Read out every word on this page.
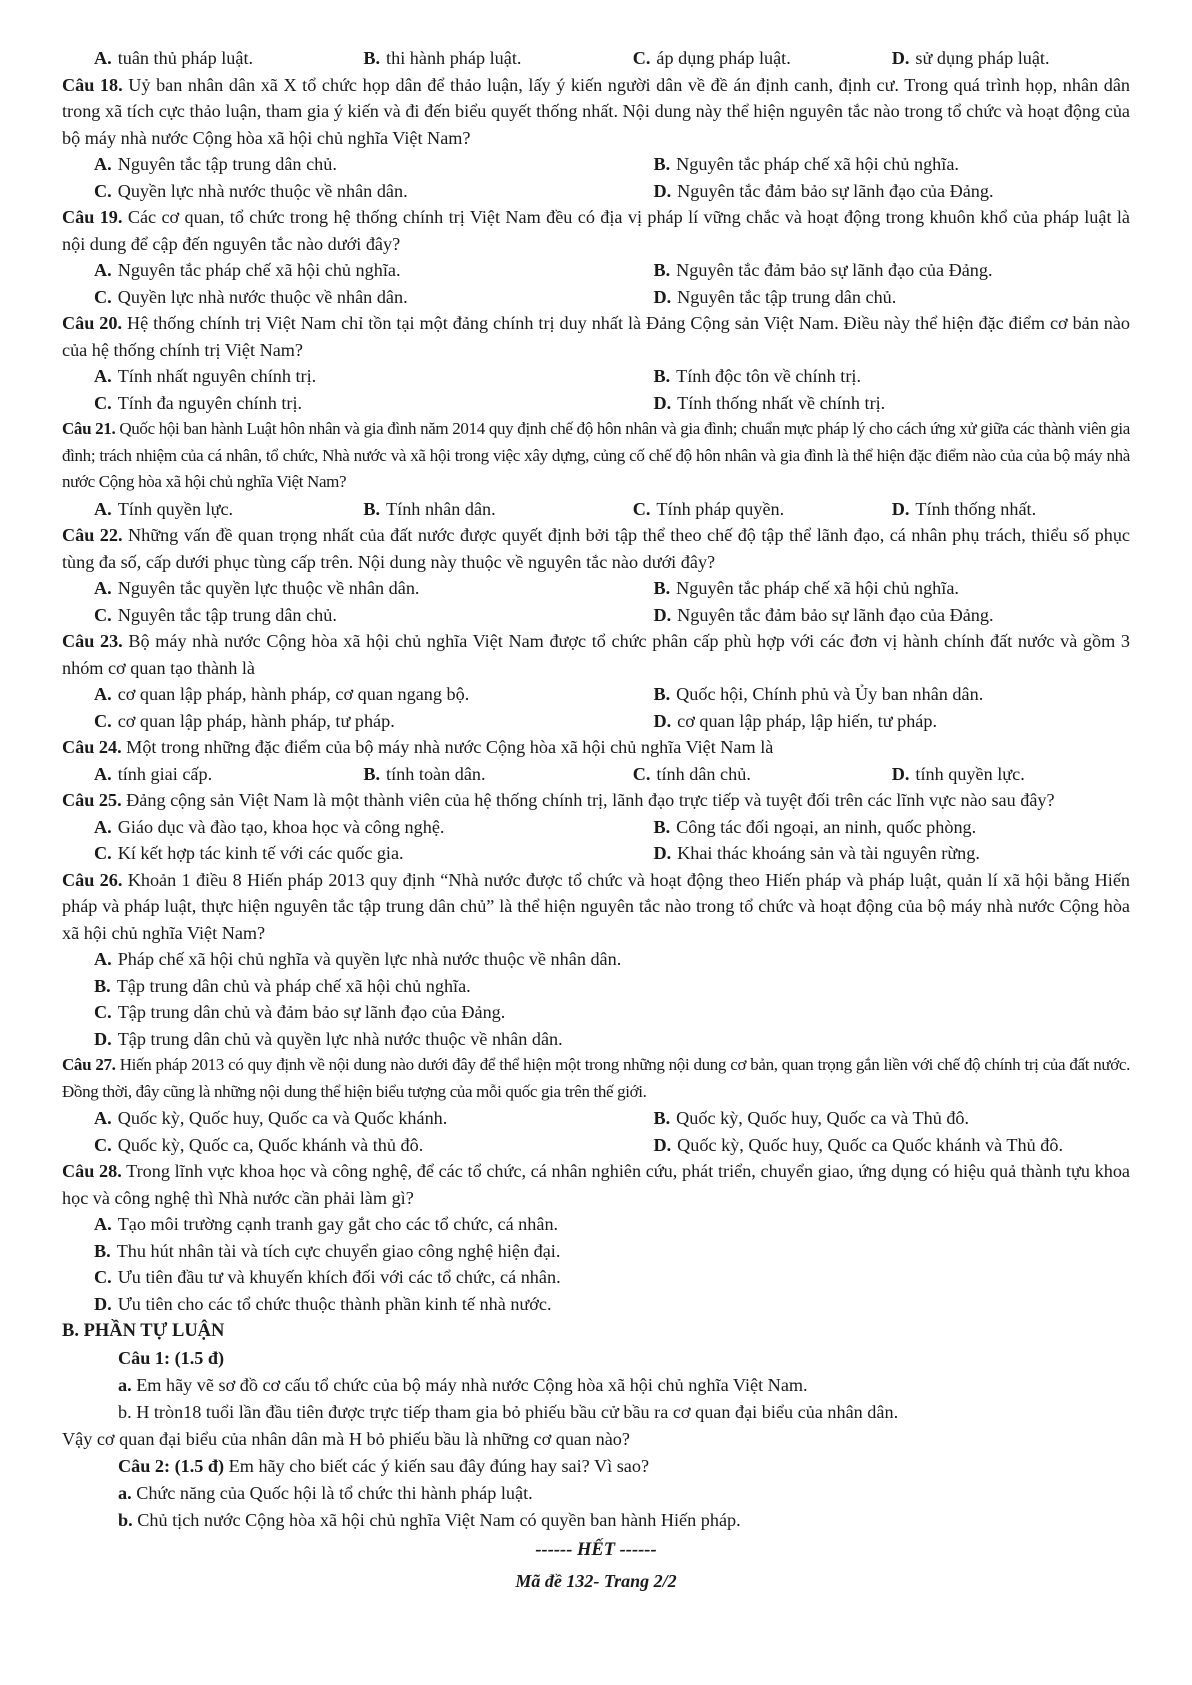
A. tuân thủ pháp luật.	B. thi hành pháp luật.	C. áp dụng pháp luật.	D. sử dụng pháp luật.

Câu 18. Uỷ ban nhân dân xã X tổ chức họp dân để thảo luận, lấy ý kiến người dân về đề án định canh, định cư. Trong quá trình họp, nhân dân trong xã tích cực thảo luận, tham gia ý kiến và đi đến biểu quyết thống nhất. Nội dung này thể hiện nguyên tắc nào trong tổ chức và hoạt động của bộ máy nhà nước Cộng hòa xã hội chủ nghĩa Việt Nam?

A. Nguyên tắc tập trung dân chủ.	B. Nguyên tắc pháp chế xã hội chủ nghĩa.
C. Quyền lực nhà nước thuộc về nhân dân.	D. Nguyên tắc đảm bảo sự lãnh đạo của Đảng.

Câu 19. Các cơ quan, tổ chức trong hệ thống chính trị Việt Nam đều có địa vị pháp lí vững chắc và hoạt động trong khuôn khổ của pháp luật là nội dung để cập đến nguyên tắc nào dưới đây?

A. Nguyên tắc pháp chế xã hội chủ nghĩa.	B. Nguyên tắc đảm bảo sự lãnh đạo của Đảng.
C. Quyền lực nhà nước thuộc về nhân dân.	D. Nguyên tắc tập trung dân chủ.

Câu 20. Hệ thống chính trị Việt Nam chỉ tồn tại một đảng chính trị duy nhất là Đảng Cộng sản Việt Nam. Điều này thể hiện đặc điểm cơ bản nào của hệ thống chính trị Việt Nam?

A. Tính nhất nguyên chính trị.	B. Tính độc tôn về chính trị.
C. Tính đa nguyên chính trị.	D. Tính thống nhất về chính trị.

Câu 21. Quốc hội ban hành Luật hôn nhân và gia đình năm 2014 quy định chế độ hôn nhân và gia đình; chuẩn mực pháp lý cho cách ứng xử giữa các thành viên gia đình; trách nhiệm của cá nhân, tổ chức, Nhà nước và xã hội trong việc xây dựng, củng cố chế độ hôn nhân và gia đình là thể hiện đặc điểm nào của của bộ máy nhà nước Cộng hòa xã hội chủ nghĩa Việt Nam?

A. Tính quyền lực.	B. Tính nhân dân.	C. Tính pháp quyền.	D. Tính thống nhất.

Câu 22. Những vấn đề quan trọng nhất của đất nước được quyết định bởi tập thể theo chế độ tập thể lãnh đạo, cá nhân phụ trách, thiểu số phục tùng đa số, cấp dưới phục tùng cấp trên. Nội dung này thuộc về nguyên tắc nào dưới đây?

A. Nguyên tắc quyền lực thuộc về nhân dân.	B. Nguyên tắc pháp chế xã hội chủ nghĩa.
C. Nguyên tắc tập trung dân chủ.	D. Nguyên tắc đảm bảo sự lãnh đạo của Đảng.

Câu 23. Bộ máy nhà nước Cộng hòa xã hội chủ nghĩa Việt Nam được tổ chức phân cấp phù hợp với các đơn vị hành chính đất nước và gồm 3 nhóm cơ quan tạo thành là

A. cơ quan lập pháp, hành pháp, cơ quan ngang bộ.	B. Quốc hội, Chính phủ và Ủy ban nhân dân.
C. cơ quan lập pháp, hành pháp, tư pháp.	D. cơ quan lập pháp, lập hiến, tư pháp.

Câu 24. Một trong những đặc điểm của bộ máy nhà nước Cộng hòa xã hội chủ nghĩa Việt Nam là

A. tính giai cấp.	B. tính toàn dân.	C. tính dân chủ.	D. tính quyền lực.

Câu 25. Đảng cộng sản Việt Nam là một thành viên của hệ thống chính trị, lãnh đạo trực tiếp và tuyệt đối trên các lĩnh vực nào sau đây?

A. Giáo dục và đào tạo, khoa học và công nghệ.	B. Công tác đối ngoại, an ninh, quốc phòng.
C. Kí kết hợp tác kinh tế với các quốc gia.	D. Khai thác khoáng sản và tài nguyên rừng.

Câu 26. Khoản 1 điều 8 Hiến pháp 2013 quy định “Nhà nước được tổ chức và hoạt động theo Hiến pháp và pháp luật, quản lí xã hội bằng Hiến pháp và pháp luật, thực hiện nguyên tắc tập trung dân chủ” là thể hiện nguyên tắc nào trong tổ chức và hoạt động của bộ máy nhà nước Cộng hòa xã hội chủ nghĩa Việt Nam?

A. Pháp chế xã hội chủ nghĩa và quyền lực nhà nước thuộc về nhân dân.
B. Tập trung dân chủ và pháp chế xã hội chủ nghĩa.
C. Tập trung dân chủ và đảm bảo sự lãnh đạo của Đảng.
D. Tập trung dân chủ và quyền lực nhà nước thuộc về nhân dân.

Câu 27. Hiến pháp 2013 có quy định về nội dung nào dưới đây để thể hiện một trong những nội dung cơ bản, quan trọng gắn liền với chế độ chính trị của đất nước. Đồng thời, đây cũng là những nội dung thể hiện biểu tượng của mỗi quốc gia trên thế giới.

A. Quốc kỳ, Quốc huy, Quốc ca và Quốc khánh.	B. Quốc kỳ, Quốc huy, Quốc ca và Thủ đô.
C. Quốc kỳ, Quốc ca, Quốc khánh và thủ đô.	D. Quốc kỳ, Quốc huy, Quốc ca Quốc khánh và Thủ đô.

Câu 28. Trong lĩnh vực khoa học và công nghệ, để các tổ chức, cá nhân nghiên cứu, phát triển, chuyển giao, ứng dụng có hiệu quả thành tựu khoa học và công nghệ thì Nhà nước cần phải làm gì?

A. Tạo môi trường cạnh tranh gay gắt cho các tổ chức, cá nhân.
B. Thu hút nhân tài và tích cực chuyển giao công nghệ hiện đại.
C. Ưu tiên đầu tư và khuyến khích đối với các tổ chức, cá nhân.
D. Ưu tiên cho các tổ chức thuộc thành phần kinh tế nhà nước.
B. PHẦN TỰ LUẬN
Câu 1: (1.5 đ)
a. Em hãy vẽ sơ đồ cơ cấu tổ chức của bộ máy nhà nước Cộng hòa xã hội chủ nghĩa Việt Nam.
b. H tròn18 tuổi lần đầu tiên được trực tiếp tham gia bỏ phiếu bầu cử bầu ra cơ quan đại biểu của nhân dân.
Vậy cơ quan đại biểu của nhân dân mà H bỏ phiếu bầu là những cơ quan nào?
Câu 2: (1.5 đ) Em hãy cho biết các ý kiến sau đây đúng hay sai? Vì sao?
a. Chức năng của Quốc hội là tổ chức thi hành pháp luật.
b. Chủ tịch nước Cộng hòa xã hội chủ nghĩa Việt Nam có quyền ban hành Hiến pháp.
------ HẾT ------
Mã đề 132- Trang 2/2
